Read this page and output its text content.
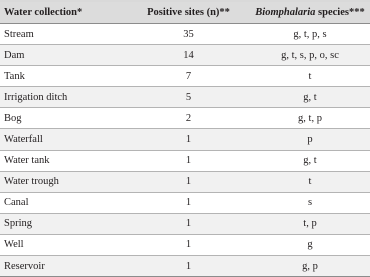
Water collection*	Positive sites (n)**	Biomphalaria species***
Stream	35	g, t, p, s
Dam	14	g, t, s, p, o, sc
Tank	7	t
Irrigation ditch	5	g, t
Bog	2	g, t, p
Waterfall	1	p
Water tank	1	g, t
Water trough	1	t
Canal	1	s
Spring	1	t, p
Well	1	g
Reservoir	1	g, p
